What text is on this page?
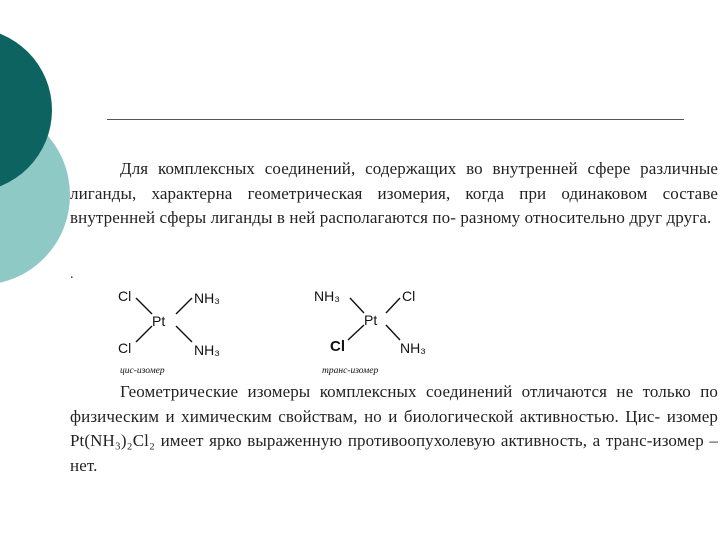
Для комплексных соединений, содержащих во внутренней сфере различные лиганды, характерна геометрическая изомерия, когда при одинаковом составе внутренней сферы лиганды в ней располагаются по- разному относительно друг друга.
.
Cl	NH₃
Pt
Cl	NH₃
цис-изомер
NH₃	Cl
Pt
Cl	NH₃
транс-изомер
Геометрические изомеры комплексных соединений отличаются не только по физическим и химическим свойствам, но и биологической активностью. Цис- изомер Pt(NH₃)₂Cl₂ имеет ярко выраженную противоопухолевую активность, а транс-изомер – нет.
